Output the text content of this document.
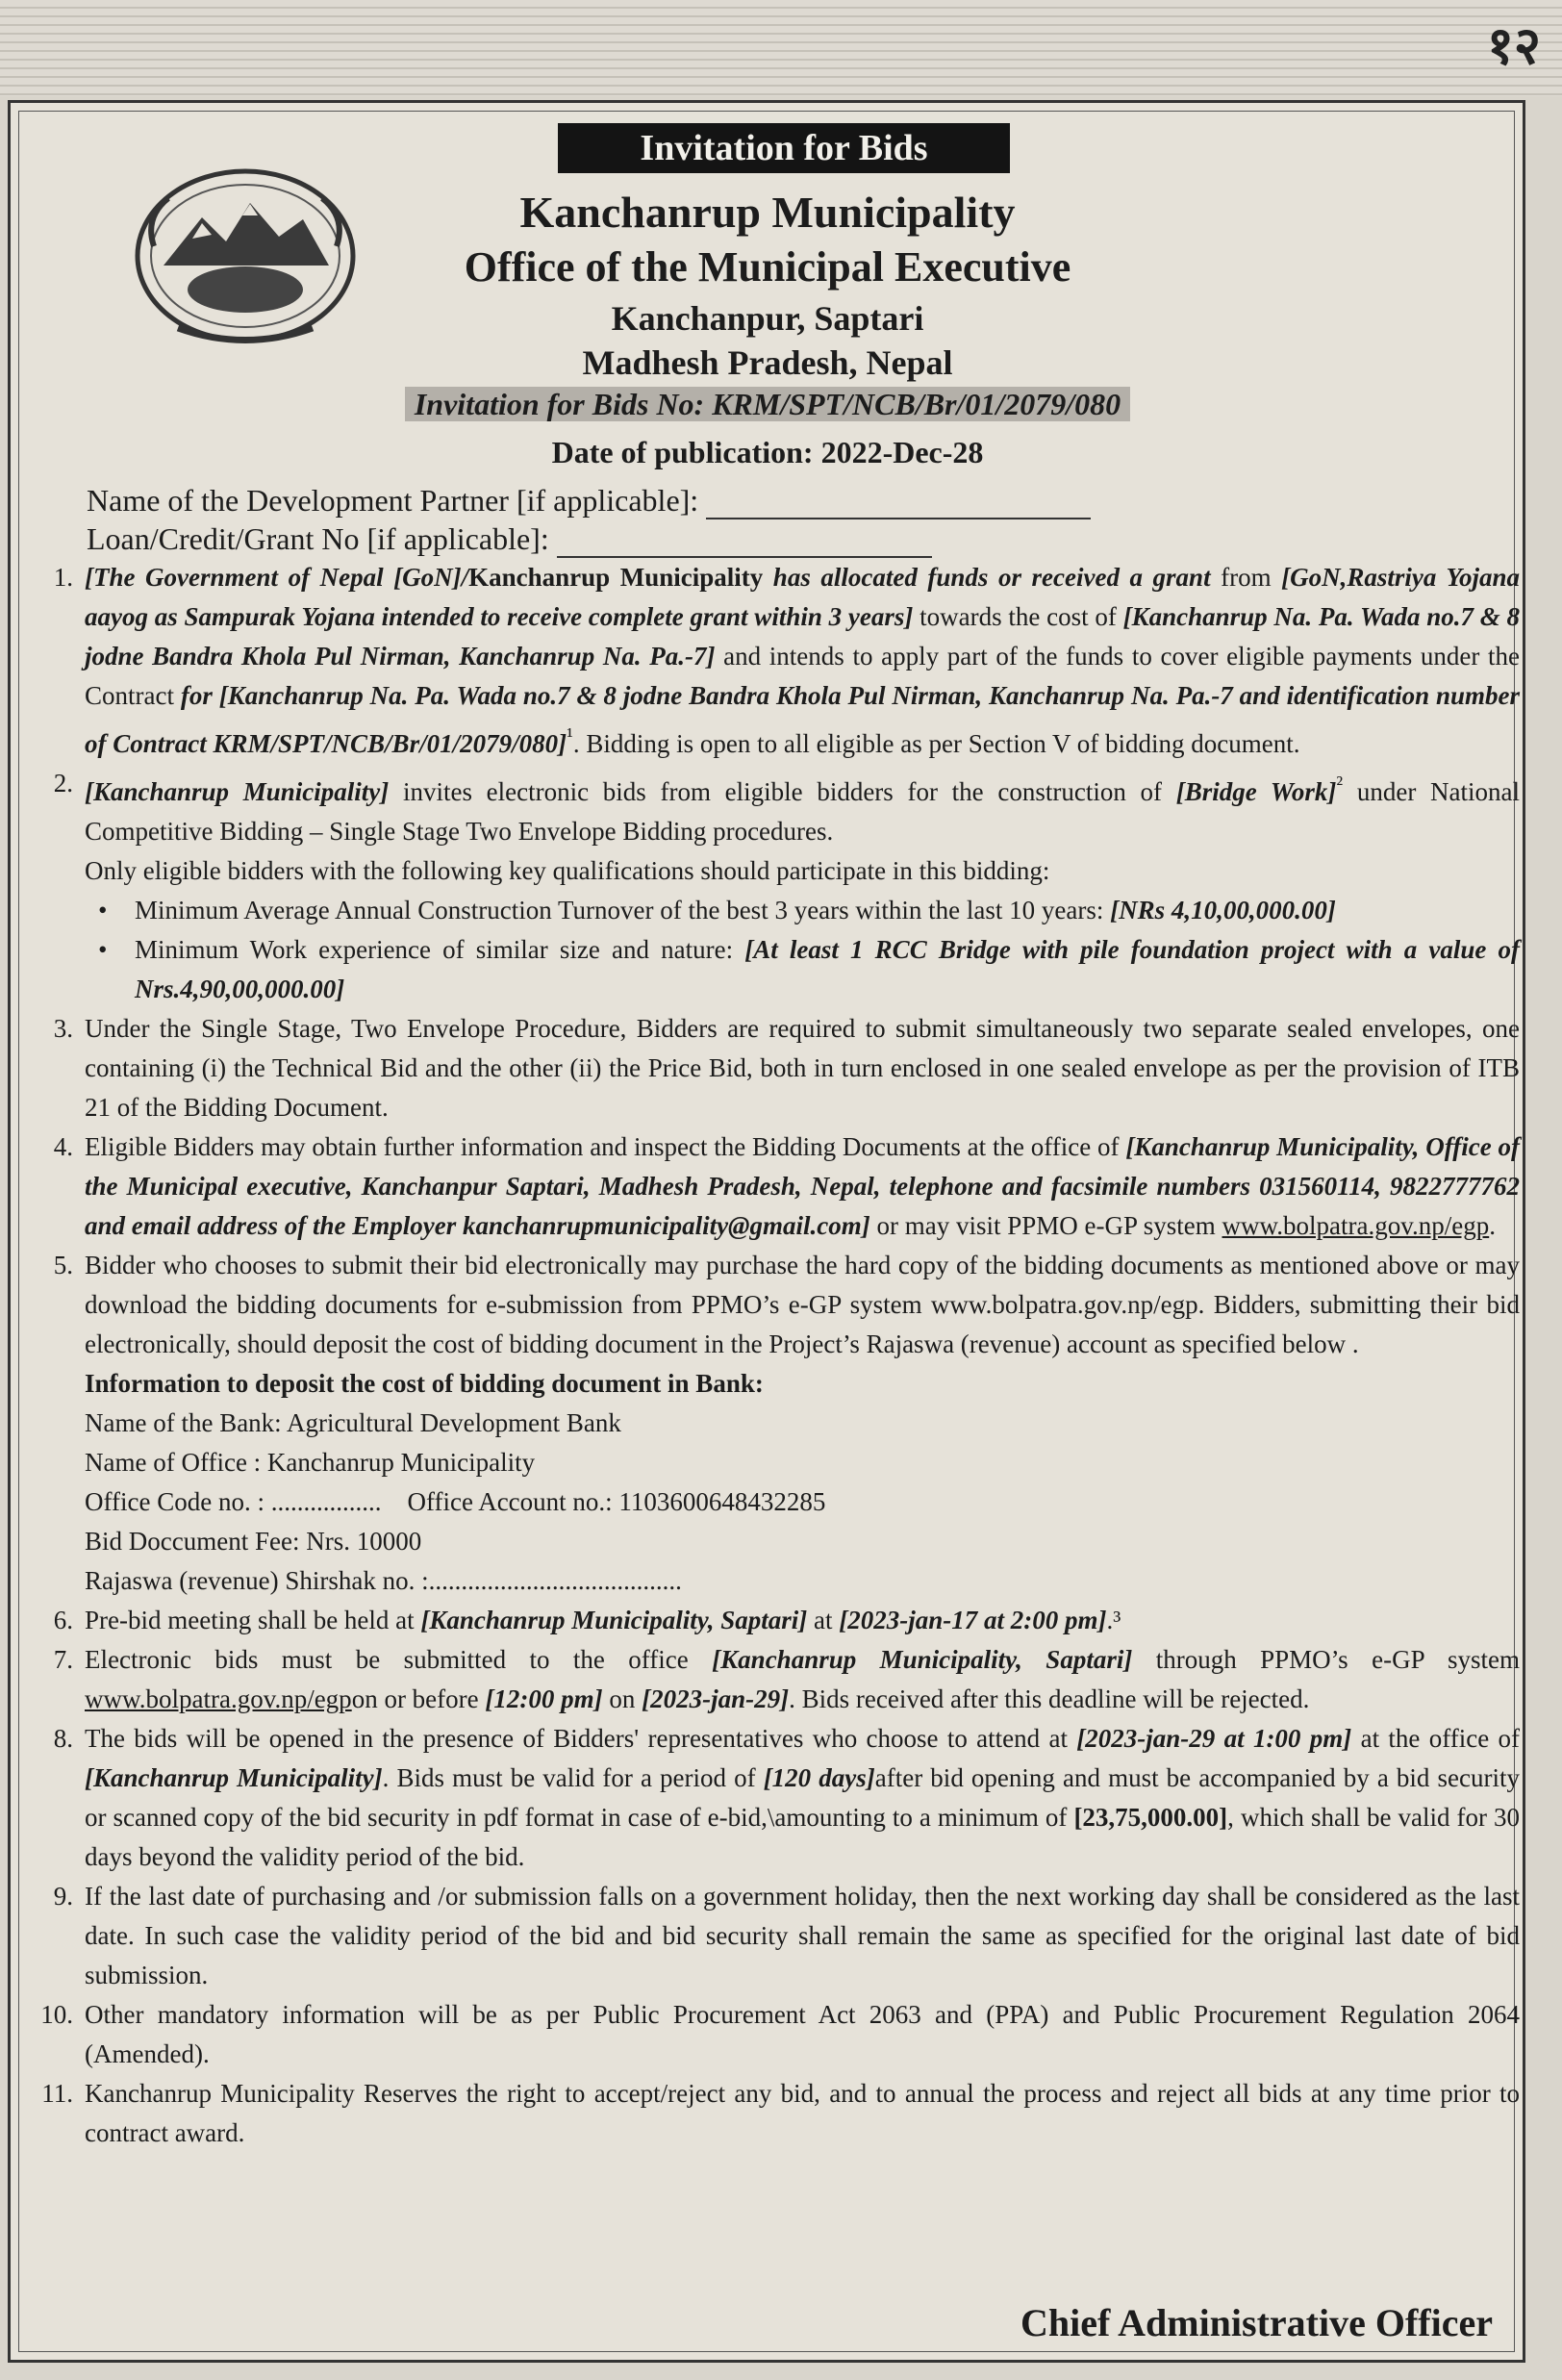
१२
Invitation for Bids
Kanchanrup Municipality
Office of the Municipal Executive
Kanchanpur, Saptari
Madhesh Pradesh, Nepal
Invitation for Bids No: KRM/SPT/NCB/Br/01/2079/080
Date of publication: 2022-Dec-28
Name of the Development Partner [if applicable]:
Loan/Credit/Grant No [if applicable]:

1. [The Government of Nepal [GoN]/Kanchanrup Municipality has allocated funds or received a grant from [GoN,Rastriya Yojana aayog as Sampurak Yojana intended to receive complete grant within 3 years] towards the cost of [Kanchanrup Na. Pa. Wada no.7 & 8 jodne Bandra Khola Pul Nirman, Kanchanrup Na. Pa.-7] and intends to apply part of the funds to cover eligible payments under the Contract for [Kanchanrup Na. Pa. Wada no.7 & 8 jodne Bandra Khola Pul Nirman, Kanchanrup Na. Pa.-7 and identification number of Contract KRM/SPT/NCB/Br/01/2079/080]$^{^1}$. Bidding is open to all eligible as per Section V of bidding document.

2. [Kanchanrup Municipality] invites electronic bids from eligible bidders for the construction of [Bridge Work]$^{^2}$ under National Competitive Bidding – Single Stage Two Envelope Bidding procedures.
Only eligible bidders with the following key qualifications should participate in this bidding:
• Minimum Average Annual Construction Turnover of the best 3 years within the last 10 years: [NRs 4,10,00,000.00]
• Minimum Work experience of similar size and nature: [At least 1 RCC Bridge with pile foundation project with a value of Nrs.4,90,00,000.00]

3. Under the Single Stage, Two Envelope Procedure, Bidders are required to submit simultaneously two separate sealed envelopes, one containing (i) the Technical Bid and the other (ii) the Price Bid, both in turn enclosed in one sealed envelope as per the provision of ITB 21 of the Bidding Document.

4. Eligible Bidders may obtain further information and inspect the Bidding Documents at the office of [Kanchanrup Municipality, Office of the Municipal executive, Kanchanpur Saptari, Madhesh Pradesh, Nepal, telephone and facsimile numbers 031560114, 9822777762 and email address of the Employer kanchanrupmunicipality@gmail.com] or may visit PPMO e-GP system www.bolpatra.gov.np/egp.

5. Bidder who chooses to submit their bid electronically may purchase the hard copy of the bidding documents as mentioned above or may download the bidding documents for e-submission from PPMO’s e-GP system www.bolpatra.gov.np/egp. Bidders, submitting their bid electronically, should deposit the cost of bidding document in the Project’s Rajaswa (revenue) account as specified below .

Information to deposit the cost of bidding document in Bank:

Name of the Bank: Agricultural Development Bank

Name of Office : Kanchanrup Municipality

Office Code no. : ................. Office Account no.: 1103600648432285

Bid Doccument Fee: Nrs. 10000

Rajaswa (revenue) Shirshak no. :.......................................

6. Pre-bid meeting shall be held at [Kanchanrup Municipality, Saptari] at [2023-jan-17 at 2:00 pm].³

7. Electronic bids must be submitted to the office [Kanchanrup Municipality, Saptari] through PPMO’s e-GP system www.bolpatra.gov.np/egpon or before [12:00 pm] on [2023-jan-29]. Bids received after this deadline will be rejected.

8. The bids will be opened in the presence of Bidders' representatives who choose to attend at [2023-jan-29 at 1:00 pm] at the office of [Kanchanrup Municipality]. Bids must be valid for a period of [120 days]after bid opening and must be accompanied by a bid security or scanned copy of the bid security in pdf format in case of e-bid,\amounting to a minimum of [23,75,000.00], which shall be valid for 30 days beyond the validity period of the bid.

9. If the last date of purchasing and /or submission falls on a government holiday, then the next working day shall be considered as the last date. In such case the validity period of the bid and bid security shall remain the same as specified for the original last date of bid submission.

10. Other mandatory information will be as per Public Procurement Act 2063 and (PPA) and Public Procurement Regulation 2064 (Amended).

11. Kanchanrup Municipality Reserves the right to accept/reject any bid, and to annual the process and reject all bids at any time prior to contract award.

Chief Administrative Officer
